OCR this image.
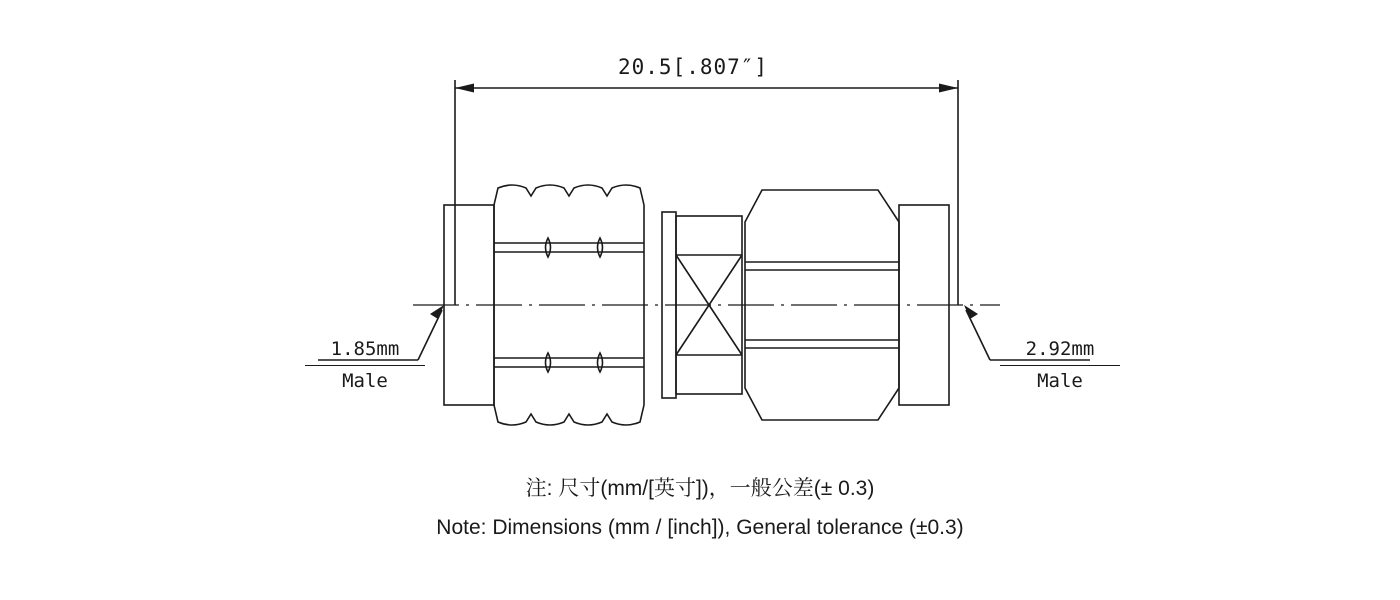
20.5[.807″]
1.85mm
Male
2.92mm
Male
注: 尺寸(mm/[英寸])，一般公差(± 0.3)
Note: Dimensions (mm / [inch]), General tolerance (±0.3)
